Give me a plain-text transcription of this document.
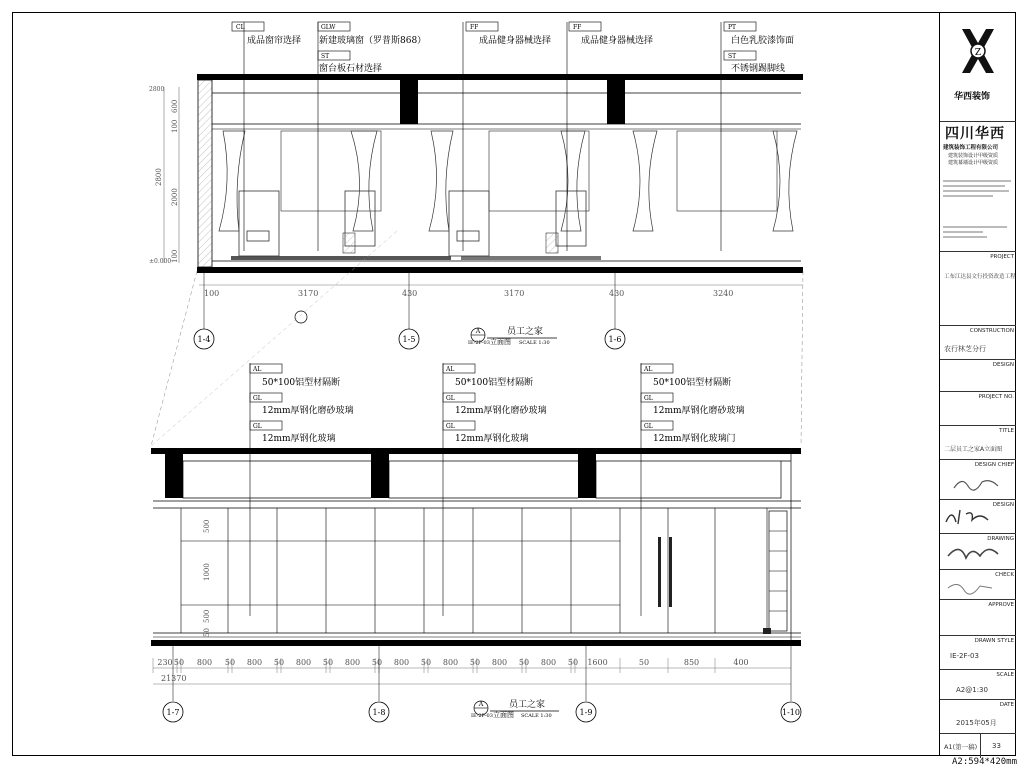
CL
成品窗帘选择
GLW
新建玻璃窗（罗普斯868）
ST
窗台板石材选择
FF
成品健身器械选择
FF
成品健身器械选择
PT
白色乳胶漆饰面
ST
不锈钢踢脚线
2800
±0.000
2800
600
100
2000
100
100	3170	430	3170	430	3240
1-4	1-5	1-6
A
IE-2F-03
员工之家
立面图 SCALE 1:30
AL
50*100铝型材隔断
GL
12mm厚钢化磨砂玻璃
GL
12mm厚钢化玻璃
AL
50*100铝型材隔断
GL
12mm厚钢化磨砂玻璃
GL
12mm厚钢化玻璃
AL
50*100铝型材隔断
GL
12mm厚钢化磨砂玻璃
GL
12mm厚钢化玻璃门
500
1000
500
50
230 50 800 50 800 50 800 50 800 50 800 50 800 50 800 50 800 50 1600	50	850	400
21370
1-7	1-8	1-9	1-10
A
IE-2F-03
员工之家
立面图 SCALE 1:30
Z
华西装饰
四川华西
建筑装饰工程有限公司
建筑装饰设计甲级资质
建筑幕墙设计甲级资质
PROJECT
工布江达县文行投资改造工程
CONSTRUCTION
农行林芝分行
DESIGN
PROJECT NO.
TITLE
二层员工之家A立面图
DESIGN CHIEF
DESIGN
DRAWING
CHECK
APPROVE
DRAWN STYLE
IE-2F-03
SCALE
A2@1:30
DATE
2015年05月
A1(第一稿) 33
A2:594*420mm
